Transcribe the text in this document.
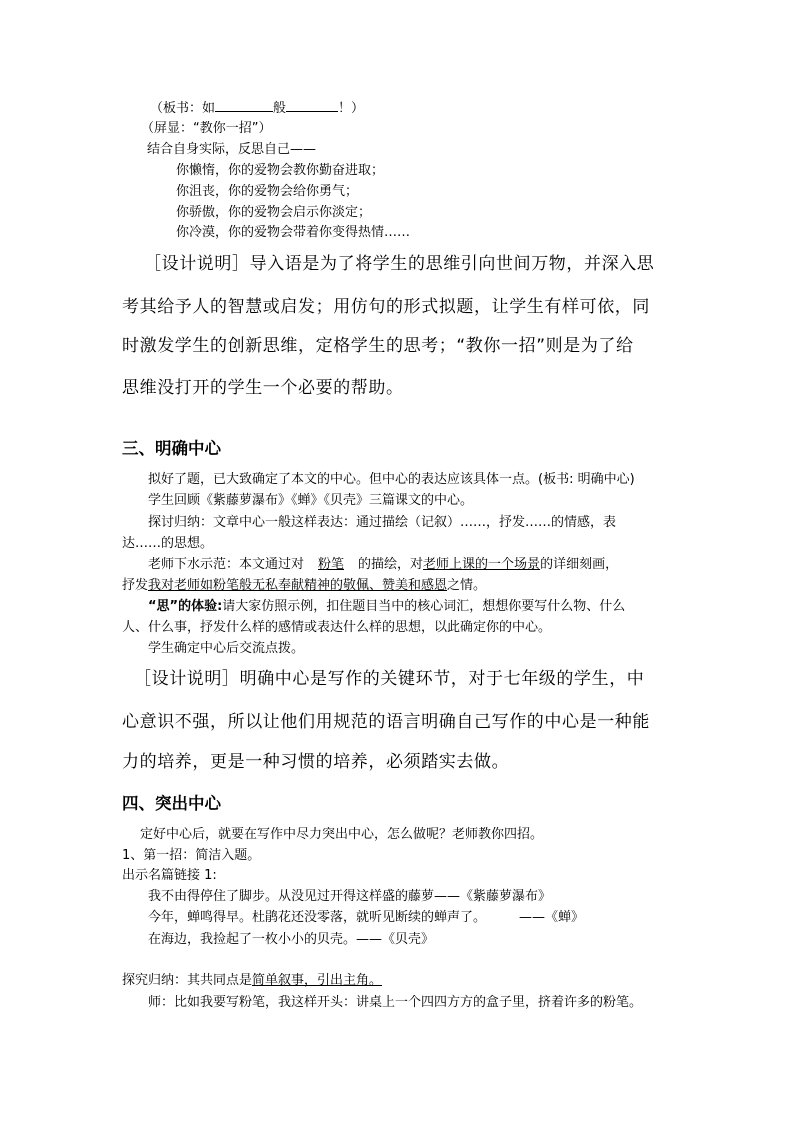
（板书：如	般	！）
（屏显：“教你一招”）
结合自身实际，反思自己——
你懒惰，你的爱物会教你勤奋进取；
你沮丧，你的爱物会给你勇气；
你骄傲，你的爱物会启示你淡定；
你冷漠，你的爱物会带着你变得热情……
［设计说明］导入语是为了将学生的思维引向世间万物，并深入思
考其给予人的智慧或启发；用仿句的形式拟题，让学生有样可依，同
时激发学生的创新思维，定格学生的思考；“教你一招”则是为了给
思维没打开的学生一个必要的帮助。
三、明确中心
拟好了题，已大致确定了本文的中心。但中心的表达应该具体一点。(板书: 明确中心)
学生回顾《紫藤萝瀑布》《蝉》《贝壳》三篇课文的中心。
探讨归纳：文章中心一般这样表达：通过描绘（记叙）……，抒发……的情感，表
达……的思想。
老师下水示范：本文通过对 粉笔 的描绘，对老师上课的一个场景的详细刻画，
抒发我对老师如粉笔般无私奉献精神的敬佩、赞美和感恩之情。
“思”的体验:请大家仿照示例，扣住题目当中的核心词汇，想想你要写什么物、什么
人、什么事，抒发什么样的感情或表达什么样的思想，以此确定你的中心。
学生确定中心后交流点拨。
［设计说明］明确中心是写作的关键环节，对于七年级的学生，中
心意识不强，所以让他们用规范的语言明确自己写作的中心是一种能
力的培养，更是一种习惯的培养，必须踏实去做。
四、突出中心
定好中心后，就要在写作中尽力突出中心，怎么做呢？老师教你四招。
1、第一招：简洁入题。
出示名篇链接 1:
我不由得停住了脚步。从没见过开得这样盛的藤萝——《紫藤萝瀑布》
今年，蝉鸣得早。杜鹃花还没零落，就听见断续的蝉声了。        ——《蝉》
在海边，我捡起了一枚小小的贝壳。——《贝壳》
探究归纳：其共同点是简单叙事，引出主角。
师：比如我要写粉笔，我这样开头：讲桌上一个四四方方的盒子里，挤着许多的粉笔。
